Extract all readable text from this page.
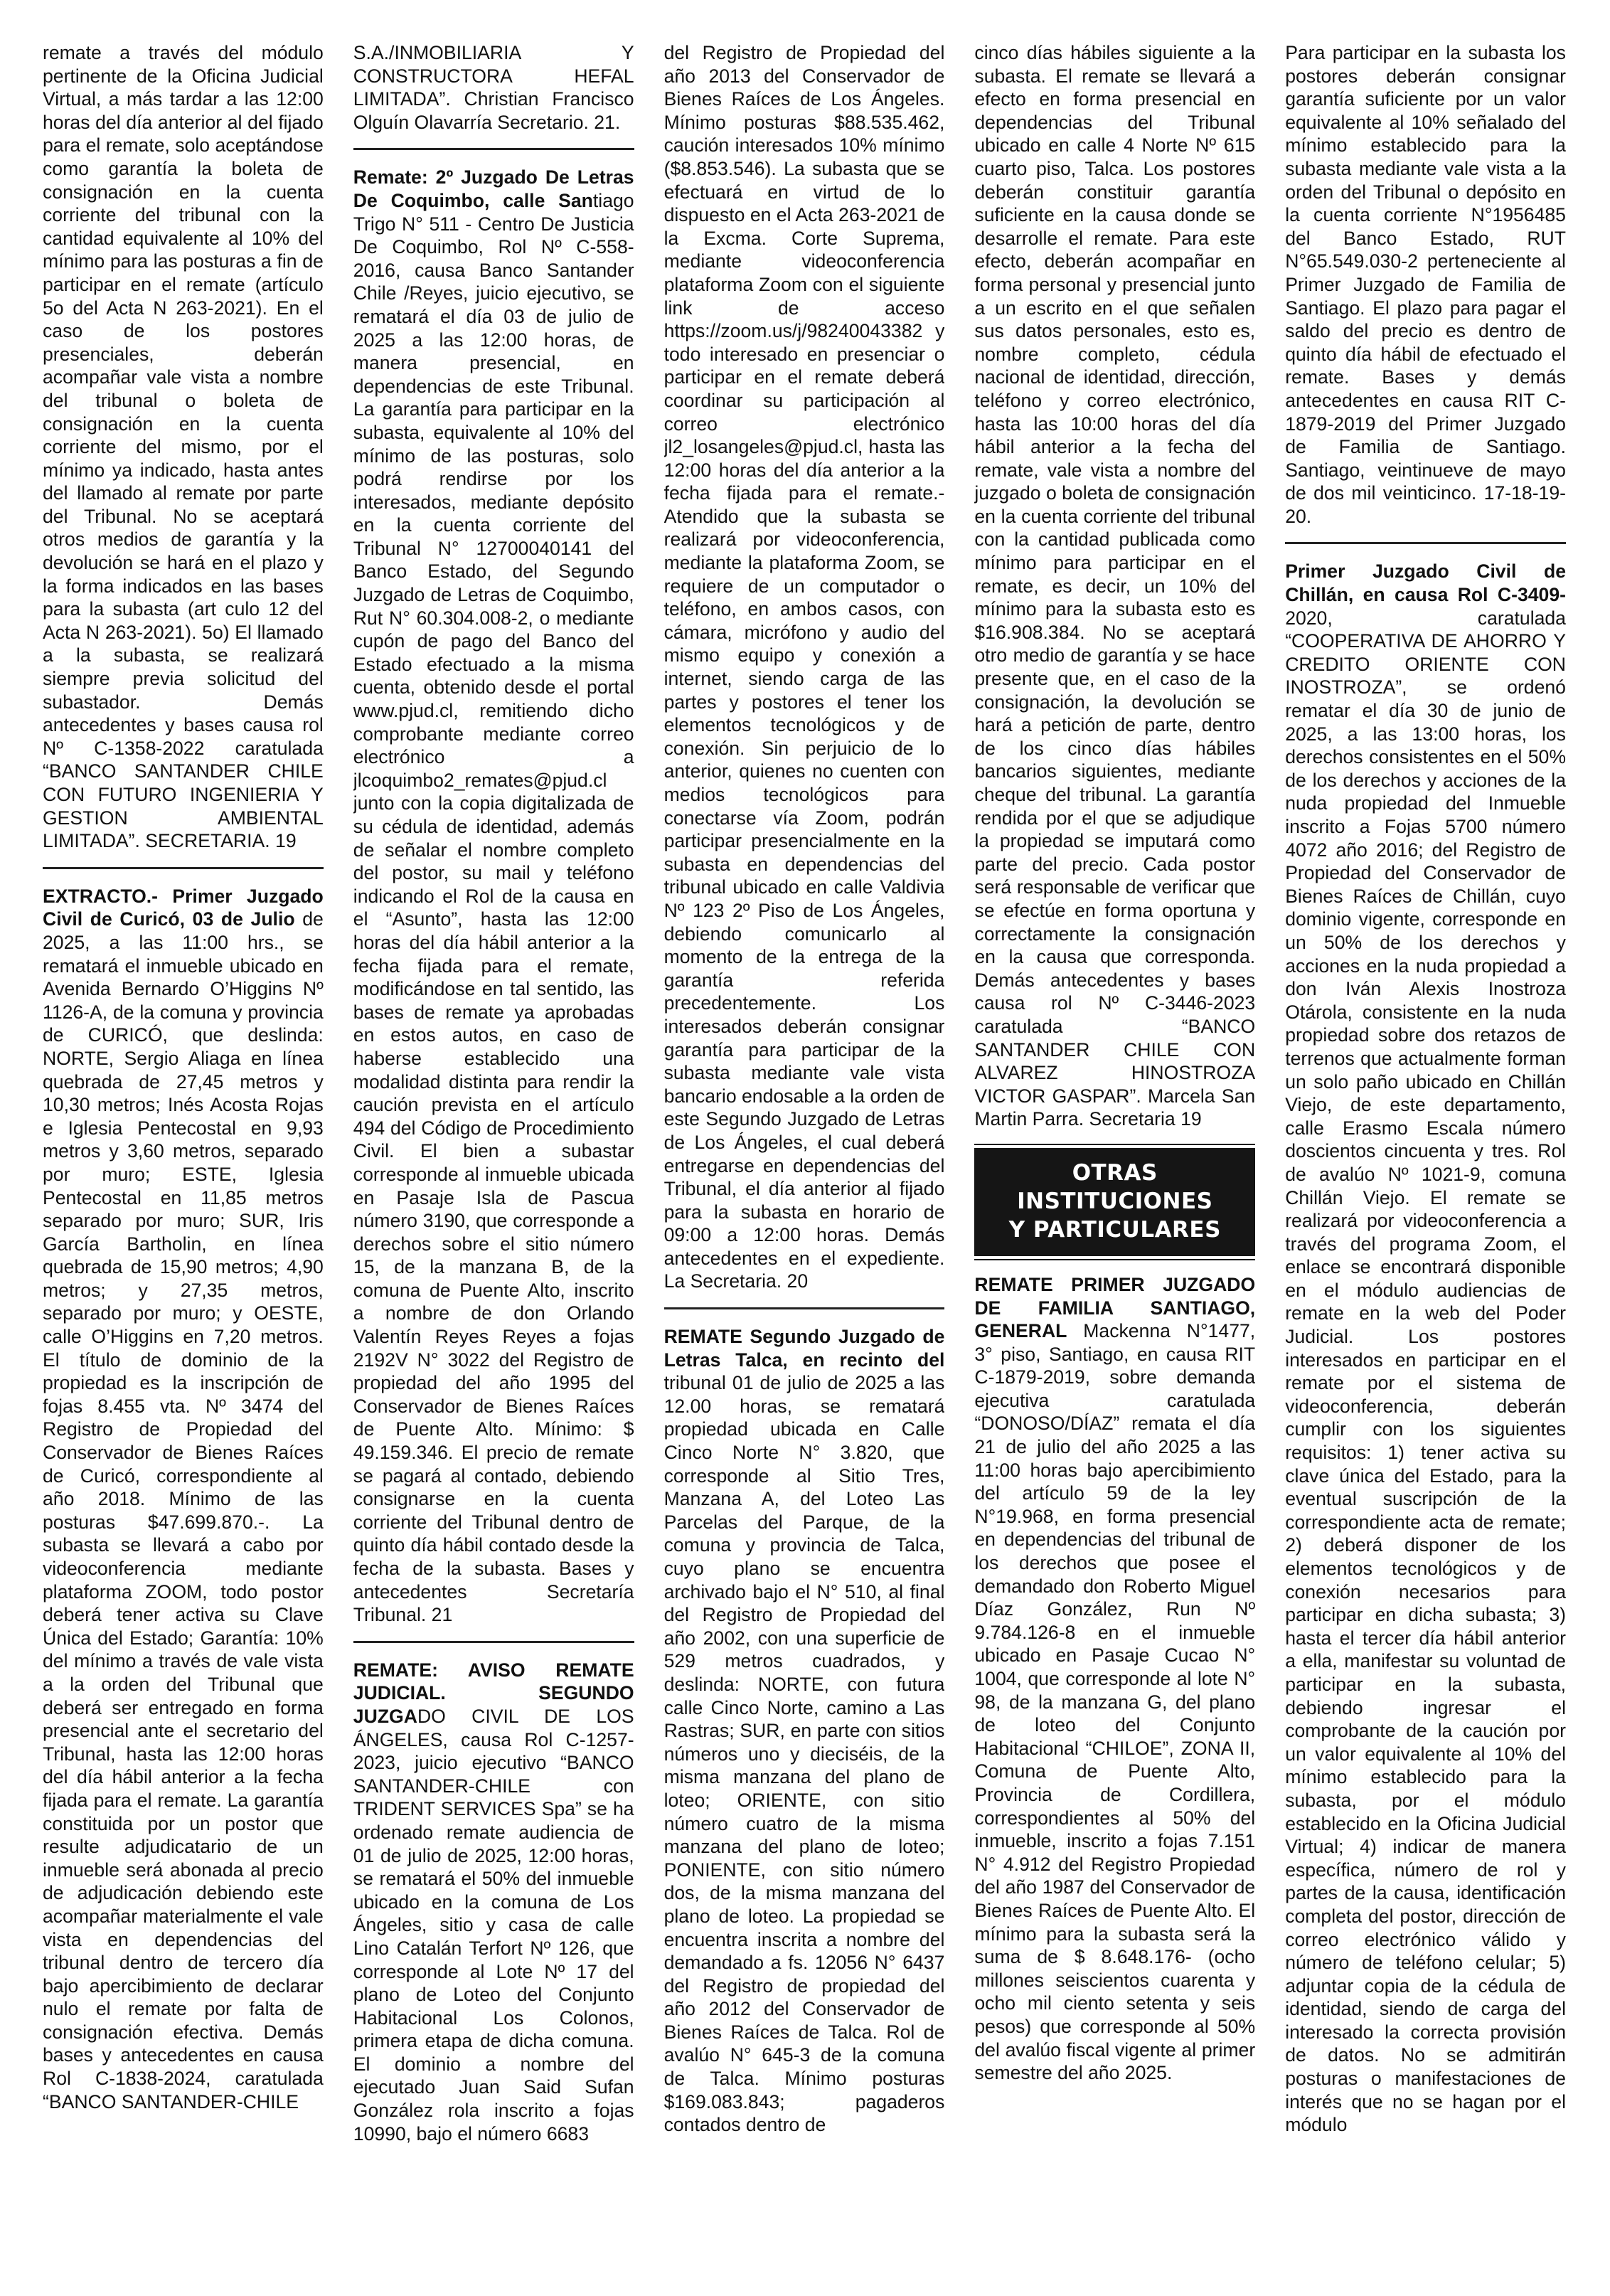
remate a través del módulo pertinente de la Oficina Judicial Virtual, a más tardar a las 12:00 horas del día anterior al del fijado para el remate, solo aceptándose como garantía la boleta de consignación en la cuenta corriente del tribunal con la cantidad equivalente al 10% del mínimo para las posturas a fin de participar en el remate (artículo 5o del Acta N 263-2021). En el caso de los postores presenciales, deberán acompañar vale vista a nombre del tribunal o boleta de consignación en la cuenta corriente del mismo, por el mínimo ya indicado, hasta antes del llamado al remate por parte del Tribunal. No se aceptará otros medios de garantía y la devolución se hará en el plazo y la forma indicados en las bases para la subasta (art culo 12 del Acta N 263-2021). 5o) El llamado a la subasta, se realizará siempre previa solicitud del subastador. Demás antecedentes y bases causa rol Nº C-1358-2022 caratulada “BANCO SANTANDER CHILE CON FUTURO INGENIERIA Y GESTION AMBIENTAL LIMITADA”. SECRETARIA. 19

EXTRACTO.- Primer Juzgado Civil de Curicó, 03 de Julio de 2025, a las 11:00 hrs., se rematará el inmueble ubicado en Avenida Bernardo O’Higgins Nº 1126-A, de la comuna y provincia de CURICÓ, que deslinda: NORTE, Sergio Aliaga en línea quebrada de 27,45 metros y 10,30 metros; Inés Acosta Rojas e Iglesia Pentecostal en 9,93 metros y 3,60 metros, separado por muro; ESTE, Iglesia Pentecostal en 11,85 metros separado por muro; SUR, Iris García Bartholin, en línea quebrada de 15,90 metros; 4,90 metros; y 27,35 metros, separado por muro; y OESTE, calle O’Higgins en 7,20 metros. El título de dominio de la propiedad es la inscripción de fojas 8.455 vta. Nº 3474 del Registro de Propiedad del Conservador de Bienes Raíces de Curicó, correspondiente al año 2018. Mínimo de las posturas $47.699.870.-. La subasta se llevará a cabo por videoconferencia mediante plataforma ZOOM, todo postor deberá tener activa su Clave Única del Estado; Garantía: 10% del mínimo a través de vale vista a la orden del Tribunal que deberá ser entregado en forma presencial ante el secretario del Tribunal, hasta las 12:00 horas del día hábil anterior a la fecha fijada para el remate. La garantía constituida por un postor que resulte adjudicatario de un inmueble será abonada al precio de adjudicación debiendo este acompañar materialmente el vale vista en dependencias del tribunal dentro de tercero día bajo apercibimiento de declarar nulo el remate por falta de consignación efectiva. Demás bases y antecedentes en causa Rol C-1838-2024, caratulada “BANCO SANTANDER-CHILE

S.A./INMOBILIARIA Y CONSTRUCTORA HEFAL LIMITADA”. Christian Francisco Olguín Olavarría Secretario. 21.

Remate: 2º Juzgado De Letras De Coquimbo, calle Santiago Trigo N° 511 - Centro De Justicia De Coquimbo, Rol Nº C-558-2016, causa Banco Santander Chile /Reyes, juicio ejecutivo, se rematará el día 03 de julio de 2025 a las 12:00 horas, de manera presencial, en dependencias de este Tribunal. La garantía para participar en la subasta, equivalente al 10% del mínimo de las posturas, solo podrá rendirse por los interesados, mediante depósito en la cuenta corriente del Tribunal N° 12700040141 del Banco Estado, del Segundo Juzgado de Letras de Coquimbo, Rut N° 60.304.008-2, o mediante cupón de pago del Banco del Estado efectuado a la misma cuenta, obtenido desde el portal www.pjud.cl, remitiendo dicho comprobante mediante correo electrónico a jlcoquimbo2_remates@pjud.cl junto con la copia digitalizada de su cédula de identidad, además de señalar el nombre completo del postor, su mail y teléfono indicando el Rol de la causa en el “Asunto”, hasta las 12:00 horas del día hábil anterior a la fecha fijada para el remate, modificándose en tal sentido, las bases de remate ya aprobadas en estos autos, en caso de haberse establecido una modalidad distinta para rendir la caución prevista en el artículo 494 del Código de Procedimiento Civil. El bien a subastar corresponde al inmueble ubicada en Pasaje Isla de Pascua número 3190, que corresponde a derechos sobre el sitio número 15, de la manzana B, de la comuna de Puente Alto, inscrito a nombre de don Orlando Valentín Reyes Reyes a fojas 2192V N° 3022 del Registro de propiedad del año 1995 del Conservador de Bienes Raíces de Puente Alto. Mínimo: $ 49.159.346. El precio de remate se pagará al contado, debiendo consignarse en la cuenta corriente del Tribunal dentro de quinto día hábil contado desde la fecha de la subasta. Bases y antecedentes Secretaría Tribunal. 21

REMATE: AVISO REMATE JUDICIAL. SEGUNDO JUZGADO CIVIL DE LOS ÁNGELES, causa Rol C-1257-2023, juicio ejecutivo “BANCO SANTANDER-CHILE con TRIDENT SERVICES Spa” se ha ordenado remate audiencia de 01 de julio de 2025, 12:00 horas, se rematará el 50% del inmueble ubicado en la comuna de Los Ángeles, sitio y casa de calle Lino Catalán Terfort Nº 126, que corresponde al Lote Nº 17 del plano de Loteo del Conjunto Habitacional Los Colonos, primera etapa de dicha comuna. El dominio a nombre del ejecutado Juan Said Sufan González rola inscrito a fojas 10990, bajo el número 6683

del Registro de Propiedad del año 2013 del Conservador de Bienes Raíces de Los Ángeles. Mínimo posturas $88.535.462, caución interesados 10% mínimo ($8.853.546). La subasta que se efectuará en virtud de lo dispuesto en el Acta 263-2021 de la Excma. Corte Suprema, mediante videoconferencia plataforma Zoom con el siguiente link de acceso https://zoom.us/j/98240043382 y todo interesado en presenciar o participar en el remate deberá coordinar su participación al correo electrónico jl2_losangeles@pjud.cl, hasta las 12:00 horas del día anterior a la fecha fijada para el remate.-Atendido que la subasta se realizará por videoconferencia, mediante la plataforma Zoom, se requiere de un computador o teléfono, en ambos casos, con cámara, micrófono y audio del mismo equipo y conexión a internet, siendo carga de las partes y postores el tener los elementos tecnológicos y de conexión. Sin perjuicio de lo anterior, quienes no cuenten con medios tecnológicos para conectarse vía Zoom, podrán participar presencialmente en la subasta en dependencias del tribunal ubicado en calle Valdivia Nº 123 2º Piso de Los Ángeles, debiendo comunicarlo al momento de la entrega de la garantía referida precedentemente. Los interesados deberán consignar garantía para participar de la subasta mediante vale vista bancario endosable a la orden de este Segundo Juzgado de Letras de Los Ángeles, el cual deberá entregarse en dependencias del Tribunal, el día anterior al fijado para la subasta en horario de 09:00 a 12:00 horas. Demás antecedentes en el expediente. La Secretaria. 20

REMATE Segundo Juzgado de Letras Talca, en recinto del tribunal 01 de julio de 2025 a las 12.00 horas, se rematará propiedad ubicada en Calle Cinco Norte N° 3.820, que corresponde al Sitio Tres, Manzana A, del Loteo Las Parcelas del Parque, de la comuna y provincia de Talca, cuyo plano se encuentra archivado bajo el N° 510, al final del Registro de Propiedad del año 2002, con una superficie de 529 metros cuadrados, y deslinda: NORTE, con futura calle Cinco Norte, camino a Las Rastras; SUR, en parte con sitios números uno y dieciséis, de la misma manzana del plano de loteo; ORIENTE, con sitio número cuatro de la misma manzana del plano de loteo; PONIENTE, con sitio número dos, de la misma manzana del plano de loteo. La propiedad se encuentra inscrita a nombre del demandado a fs. 12056 N° 6437 del Registro de propiedad del año 2012 del Conservador de Bienes Raíces de Talca. Rol de avalúo N° 645-3 de la comuna de Talca. Mínimo posturas $169.083.843; pagaderos contados dentro de

cinco días hábiles siguiente a la subasta. El remate se llevará a efecto en forma presencial en dependencias del Tribunal ubicado en calle 4 Norte Nº 615 cuarto piso, Talca. Los postores deberán constituir garantía suficiente en la causa donde se desarrolle el remate. Para este efecto, deberán acompañar en forma personal y presencial junto a un escrito en el que señalen sus datos personales, esto es, nombre completo, cédula nacional de identidad, dirección, teléfono y correo electrónico, hasta las 10:00 horas del día hábil anterior a la fecha del remate, vale vista a nombre del juzgado o boleta de consignación en la cuenta corriente del tribunal con la cantidad publicada como mínimo para participar en el remate, es decir, un 10% del mínimo para la subasta esto es $16.908.384. No se aceptará otro medio de garantía y se hace presente que, en el caso de la consignación, la devolución se hará a petición de parte, dentro de los cinco días hábiles bancarios siguientes, mediante cheque del tribunal. La garantía rendida por el que se adjudique la propiedad se imputará como parte del precio. Cada postor será responsable de verificar que se efectúe en forma oportuna y correctamente la consignación en la causa que corresponda. Demás antecedentes y bases causa rol Nº C-3446-2023 caratulada “BANCO SANTANDER CHILE CON ALVAREZ HINOSTROZA VICTOR GASPAR”. Marcela San Martin Parra. Secretaria 19

OTRAS INSTITUCIONES
Y PARTICULARES

REMATE PRIMER JUZGADO DE FAMILIA SANTIAGO, GENERAL Mackenna N°1477, 3° piso, Santiago, en causa RIT C-1879-2019, sobre demanda ejecutiva caratulada “DONOSO/DÍAZ” remata el día 21 de julio del año 2025 a las 11:00 horas bajo apercibimiento del artículo 59 de la ley N°19.968, en forma presencial en dependencias del tribunal de los derechos que posee el demandado don Roberto Miguel Díaz González, Run Nº 9.784.126-8 en el inmueble ubicado en Pasaje Cucao N° 1004, que corresponde al lote N° 98, de la manzana G, del plano de loteo del Conjunto Habitacional “CHILOE”, ZONA II, Comuna de Puente Alto, Provincia de Cordillera, correspondientes al 50% del inmueble, inscrito a fojas 7.151 N° 4.912 del Registro Propiedad del año 1987 del Conservador de Bienes Raíces de Puente Alto. El mínimo para la subasta será la suma de $ 8.648.176- (ocho millones seiscientos cuarenta y ocho mil ciento setenta y seis pesos) que corresponde al 50% del avalúo fiscal vigente al primer semestre del año 2025.

Para participar en la subasta los postores deberán consignar garantía suficiente por un valor equivalente al 10% señalado del mínimo establecido para la subasta mediante vale vista a la orden del Tribunal o depósito en la cuenta corriente N°1956485 del Banco Estado, RUT N°65.549.030-2 perteneciente al Primer Juzgado de Familia de Santiago. El plazo para pagar el saldo del precio es dentro de quinto día hábil de efectuado el remate. Bases y demás antecedentes en causa RIT C-1879-2019 del Primer Juzgado de Familia de Santiago. Santiago, veintinueve de mayo de dos mil veinticinco. 17-18-19-20.

Primer Juzgado Civil de Chillán, en causa Rol C-3409-2020, caratulada “COOPERATIVA DE AHORRO Y CREDITO ORIENTE CON INOSTROZA”, se ordenó rematar el día 30 de junio de 2025, a las 13:00 horas, los derechos consistentes en el 50% de los derechos y acciones de la nuda propiedad del Inmueble inscrito a Fojas 5700 número 4072 año 2016; del Registro de Propiedad del Conservador de Bienes Raíces de Chillán, cuyo dominio vigente, corresponde en un 50% de los derechos y acciones en la nuda propiedad a don Iván Alexis Inostroza Otárola, consistente en la nuda propiedad sobre dos retazos de terrenos que actualmente forman un solo paño ubicado en Chillán Viejo, de este departamento, calle Erasmo Escala número doscientos cincuenta y tres. Rol de avalúo Nº 1021-9, comuna Chillán Viejo. El remate se realizará por videoconferencia a través del programa Zoom, el enlace se encontrará disponible en el módulo audiencias de remate en la web del Poder Judicial. Los postores interesados en participar en el remate por el sistema de videoconferencia, deberán cumplir con los siguientes requisitos: 1) tener activa su clave única del Estado, para la eventual suscripción de la correspondiente acta de remate; 2) deberá disponer de los elementos tecnológicos y de conexión necesarios para participar en dicha subasta; 3) hasta el tercer día hábil anterior a ella, manifestar su voluntad de participar en la subasta, debiendo ingresar el comprobante de la caución por un valor equivalente al 10% del mínimo establecido para la subasta, por el módulo establecido en la Oficina Judicial Virtual; 4) indicar de manera específica, número de rol y partes de la causa, identificación completa del postor, dirección de correo electrónico válido y número de teléfono celular; 5) adjuntar copia de la cédula de identidad, siendo de carga del interesado la correcta provisión de datos. No se admitirán posturas o manifestaciones de interés que no se hagan por el módulo
